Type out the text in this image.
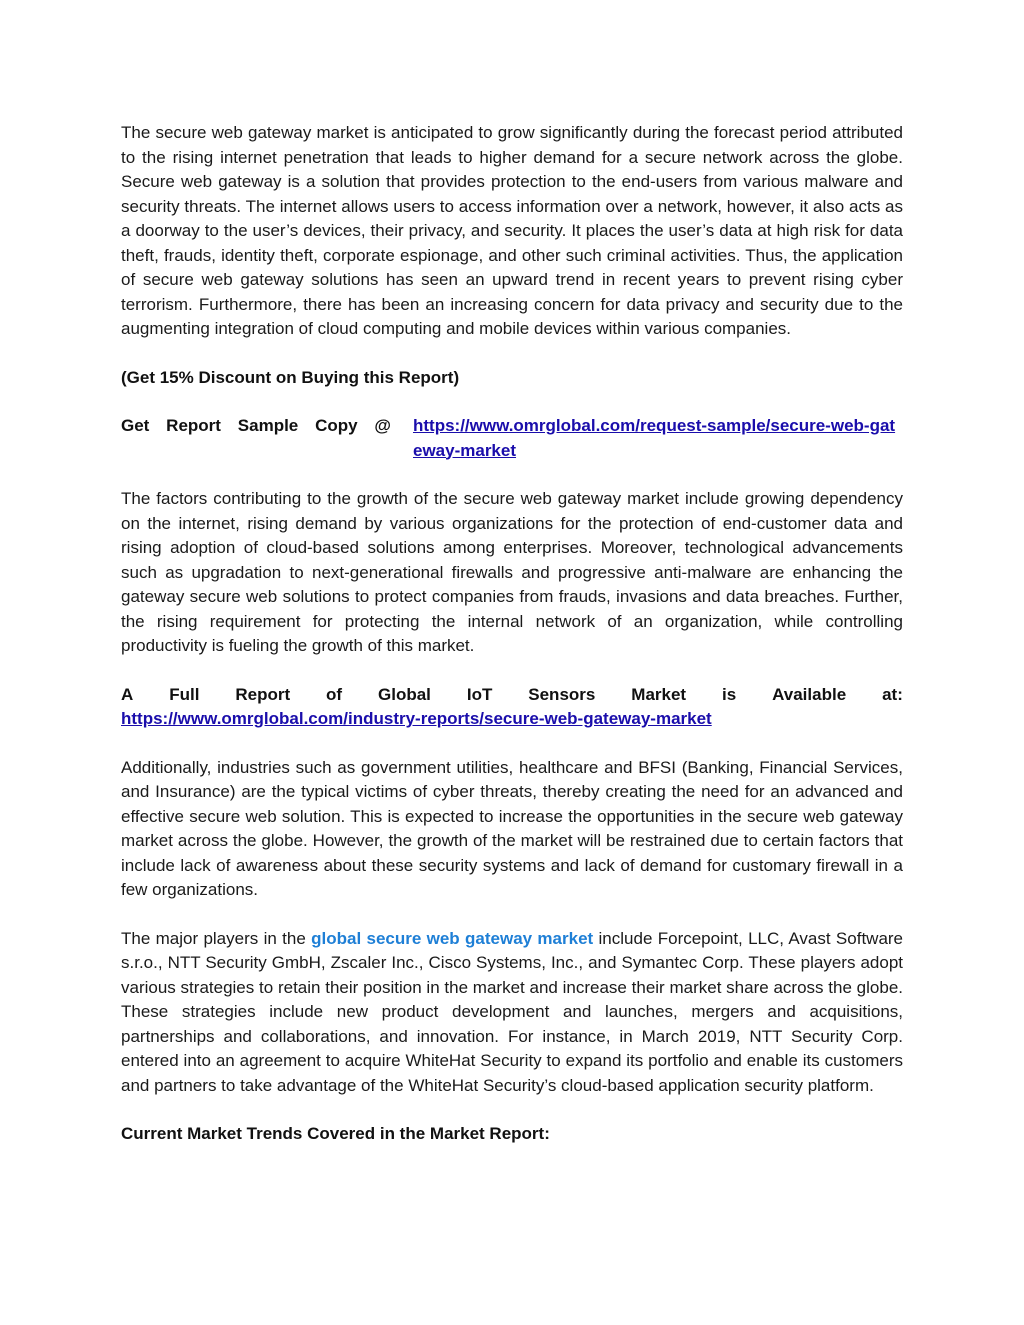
The secure web gateway market is anticipated to grow significantly during the forecast period attributed to the rising internet penetration that leads to higher demand for a secure network across the globe. Secure web gateway is a solution that provides protection to the end-users from various malware and security threats. The internet allows users to access information over a network, however, it also acts as a doorway to the user’s devices, their privacy, and security. It places the user’s data at high risk for data theft, frauds, identity theft, corporate espionage, and other such criminal activities. Thus, the application of secure web gateway solutions has seen an upward trend in recent years to prevent rising cyber terrorism. Furthermore, there has been an increasing concern for data privacy and security due to the augmenting integration of cloud computing and mobile devices within various companies.

(Get 15% Discount on Buying this Report)

Get Report Sample Copy @ https://www.omrglobal.com/request-sample/secure-web-gateway-market

The factors contributing to the growth of the secure web gateway market include growing dependency on the internet, rising demand by various organizations for the protection of end-customer data and rising adoption of cloud-based solutions among enterprises. Moreover, technological advancements such as upgradation to next-generational firewalls and progressive anti-malware are enhancing the gateway secure web solutions to protect companies from frauds, invasions and data breaches. Further, the rising requirement for protecting the internal network of an organization, while controlling productivity is fueling the growth of this market.

A Full Report of Global IoT Sensors Market is Available at:
https://www.omrglobal.com/industry-reports/secure-web-gateway-market

Additionally, industries such as government utilities, healthcare and BFSI (Banking, Financial Services, and Insurance) are the typical victims of cyber threats, thereby creating the need for an advanced and effective secure web solution. This is expected to increase the opportunities in the secure web gateway market across the globe. However, the growth of the market will be restrained due to certain factors that include lack of awareness about these security systems and lack of demand for customary firewall in a few organizations.

The major players in the global secure web gateway market include Forcepoint, LLC, Avast Software s.r.o., NTT Security GmbH, Zscaler Inc., Cisco Systems, Inc., and Symantec Corp. These players adopt various strategies to retain their position in the market and increase their market share across the globe. These strategies include new product development and launches, mergers and acquisitions, partnerships and collaborations, and innovation. For instance, in March 2019, NTT Security Corp. entered into an agreement to acquire WhiteHat Security to expand its portfolio and enable its customers and partners to take advantage of the WhiteHat Security’s cloud-based application security platform.

Current Market Trends Covered in the Market Report:
